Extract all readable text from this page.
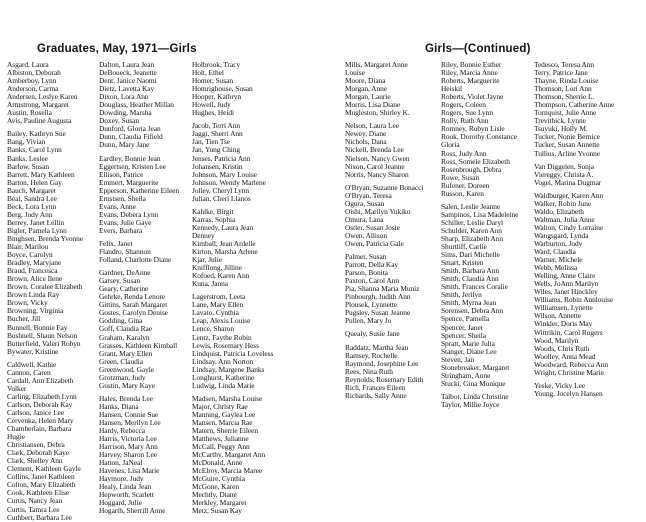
Graduates, May, 1971—Girls	Girls—(Continued)
Asgard, Laura
Albiston, Deborah
Amberboy, Lynn
Anderson, Carma
Andersen, Leslye Karen
Armstrong, Margaret
Austin, Rosella
Avis, Pauline Augusta
Bailey, Kathryn Sue
Bang, Vivian
Banks, Carol Lynn
Banks, Leslee
Barlow, Susan
Barrett, Mary Kathleen
Barton, Helen Gay
Bauch, Margaret
Beal, Sandra Lee
Beck, Lora Lynn
Berg, Judy Ann
Berrey, Janet Lellin
Bigler, Pamela Lynn
Binghsen, Brenda Yvonne
Blair, Marilou
Boyce, Carolyn
Bradley, Maryjane
Braud, Francesca
Brown, Alice Ilene
Brown, Coralee Elizabeth
Brown Linda Ray
Brown, Vicky
Browning, Virginia
Bucher, Jill
Bunnell, Bonnie Fay
Bushnell, Shaun Nelson
Butterfield, Valeri Robyn
Bywater, Kristine
Caldwell, Kathie
Cannon, Caren
Cardall, Ann Elizabeth
Volker
Carling, Elizabeth Lynn
Carlson, Deborah Kay
Carlson, Janice Lee
Cervenka, Helen Mary
Chamberlain, Barbara
Hugie
Christiansen, Debra
Clark, Deborah Kaye
Clark, Shelley Ann
Clement, Kathleen Gayle
Collins, Janet Kathleen
Colton, Mary Elizabeth
Cook, Kathleen Elise
Curtis, Nancy Jean
Curtis, Tamra Lee
Cuthbert, Barbara Lee
Dalton, Laura Jean
DeBoueck, Jeanette
Dent, Janice Naomi
Dietz, Lavetta Kay
Dixon, Lora Ann
Douglass, Heather Millan
Dowding, Marsha
Doxey, Susan
Dunford, Gloria Jean
Dunn, Claudia Fifield
Dunn, Mary Jane
Eardley, Bonnie Jean
Eggertsen, Kristen Lee
Ellison, Patrice
Emmert, Marguerite
Epperson, Katherine Eileen
Ernstsen, Sheila
Evans, Anne
Evans, Debera Lynn
Evans, Julie Gaye
Evers, Barbara
Felix, Janet
Flandro, Shannon
Folland, Charlotte Diane
Gardner, DeAnne
Garsey, Susan
Geary, Catherine
Gehrke, Renda Lenore
Gittins, Sarah Margaret
Gostes, Carolyn Denise
Godding, Gina
Goff, Claudia Rae
Graham, Karalyn
Grasses, Kathleen Kimball
Grant, Mary Ellen
Green, Claudia
Greenwood, Gayle
Grotzman, Judy
Gustin, Mary Kaye
Hales, Brenda Lee
Hanks, Diana
Hansen, Connie Sue
Hansen, Merilyn Lee
Hardy, Rebecca
Harris, Victoria Lee
Harrison, Mary Ann
Harvey, Sharon Lee
Hatton, JaNeal
Havenes, Lisa Marie
Haymore, Judy
Healy, Linda Jean
Hepworth, Scarlett
Hoggard, Julie
Hogarth, Sherrill Anne
Holbrook, Tracy
Holt, Ethel
Homer, Susan
Homrighouse, Susan
Hooper, Kathryn
Howell, Judy
Hughes, Heidi
Jacob, Terri Ann
Jaggi, Sherri Ann
Jan, Tien Tse
Jan, Yung Ching
Jenses, Patricia Ann
Johansen, Kristin
Johnson, Mary Louise
Johnson, Wendy Marlene
Jolley, Cheryl Lynn
Julian, Cheri Llanos
Kahlke, Birgit
Karras, Sophia
Kennedy, Laura Jean
Denney
Kimball, Jean Ardelle
Kirton, Marsha Arlene
Kjar, Julie
Knifflong, Jilline
Kofoed, Karen Ann
Kuna, Janna
Lagerstrom, Leeta
Lane, Mary Ellen
Lavato, Cynthia
Leap, Alexis Louise
Lence, Sharon
Lentz, Faythe Robin
Lewis, Rosemary Hess
Lindquist, Patricia Loveless
Lindsay, Ann Norton
Lindsay, Margene Banks
Longhurst, Katherine
Ludwig, Linda Marie
Madsen, Marsha Louise
Major, Christy Rae
Manning, Gaylea Lee
Mansen, Marcia Rae
Matern, Sherrie Eileen
Matthews, Julianne
McCall, Peggy Ann
McCarthy, Margaret Ann
McDonald, Anne
McElroy, Marcia Maree
McGuire, Cynthia
McGone, Karen
Mechtly, Diane
Merkley, Margaret
Metz, Susan Kay
Mills, Margaret Anne
Louise
Moore, Diana
Morgan, Anne
Morgan, Laurie
Morris, Lisa Diane
Mugleston, Shirley K.
Nelson, Laura Lee
Newey, Diane
Nichols, Dana
Nickell, Brenda Lee
Nielson, Nancy Gwen
Nixon, Carol Jeanne
Norris, Nancy Sharon
O'Bryan, Suzanne Bonacci
O'Bryan, Teresa
Ogura, Susan
Oishi, Marilyn Yukiko
Omura, Lana
Ostler, Susan Josie
Owen, Allison
Owen, Patricia Gale
Palmer, Susan
Parrott, Della Kay
Parson, Bonita
Paxton, Carol Ann
Pia, Shanna Maria Muniz
Pinbourgh, Judith Ann
Plousek, Lynnette
Pugsley, Susan Jeanne
Pullen, Mary Jo
Quealy, Susie Jane
Raddatz, Martha Jean
Ramsey, Rochelle
Raymond, Josephine Lee
Rees, Nina Ruth
Reynolds, Rosemary Edith
Rich, Frances Eileen
Richards, Sally Anne
Riley, Bonnie Esther
Riley, Marcia Anne
Roberts, Marguerite
Heiskil
Roberts, Violet Jayne
Rogers, Coleen
Rogers, Sue Lynn
Rolly, Ruth Ann
Romney, Robyn Lisle
Rook, Dorothy Constance
Gloria
Ross, Judy Ann
Ross, Somele Elizabeth
Rosenbrough, Debra
Rowe, Susan
Rufener, Doreen
Russon, Karen
Salen, Leslie Jeanne
Sampinos, Lisa Madeleine
Schiller, Leslie Daryl
Schulder, Karen Ann
Sharp, Elizabeth Ann
Shurtliff, Carlie
Sims, Dari Michelle
Smart, Kristen
Smith, Barbara Ann
Smith, Claudia Ann
Smith, Frances Coralie
Smith, Jerilyn
Smith, Myrna Jean
Sorensen, Debra Ann
Spence, Pamella
Spencer, Janet
Spencer, Sheila
Spratt, Marie Julia
Stanger, Diane Lee
Steven, Jan
Stonebreaker, Margaret
Stringham, Anne
Stucki, Gina Monique
Talbot, Linda Christine
Taylor, Millie Joyce
Tedesco, Teresa Ann
Terry, Patrice Jane
Thayne, Rinda Louise
Thomson, Lori Ann
Thomson, Sherrie L.
Thompson, Catherine Anne
Tornquist, Julie Anne
Trevithick, Lynne
Tsuyuki, Holly M.
Tucker, Nonie Bernice
Tucker, Susan Annette
Tullius, Arline Yvonne
Van Diggelen, Sonja
Viereggy, Christa A.
Vogel, Marina Dugmar
Waldburger, Karen Ann
Walker, Robin June
Waldo, Elizabeth
Waltman, Julia Anne
Walton, Cindy Lorraine
Wangsgard, Lynda
Warburton, Jody
Ward, Claudia
Warner, Michele
Webb, Melissa
Welling, Anne Claire
Wells, JoAnn Marilyn
Wiles, Janet Hinckley
Williams, Robin Annlouise
Williamsen, Lynette
Wilson, Annette
Winkler, Doris May
Wittrikin, Carol Rogers
Wood, Marilyn
Woods, Chris Ruth
Woolley, Anna Mead
Woodward, Rebecca Ann
Wright, Christine Marie
Yeske, Vicky Lee
Young, Jocelyn Hansen
